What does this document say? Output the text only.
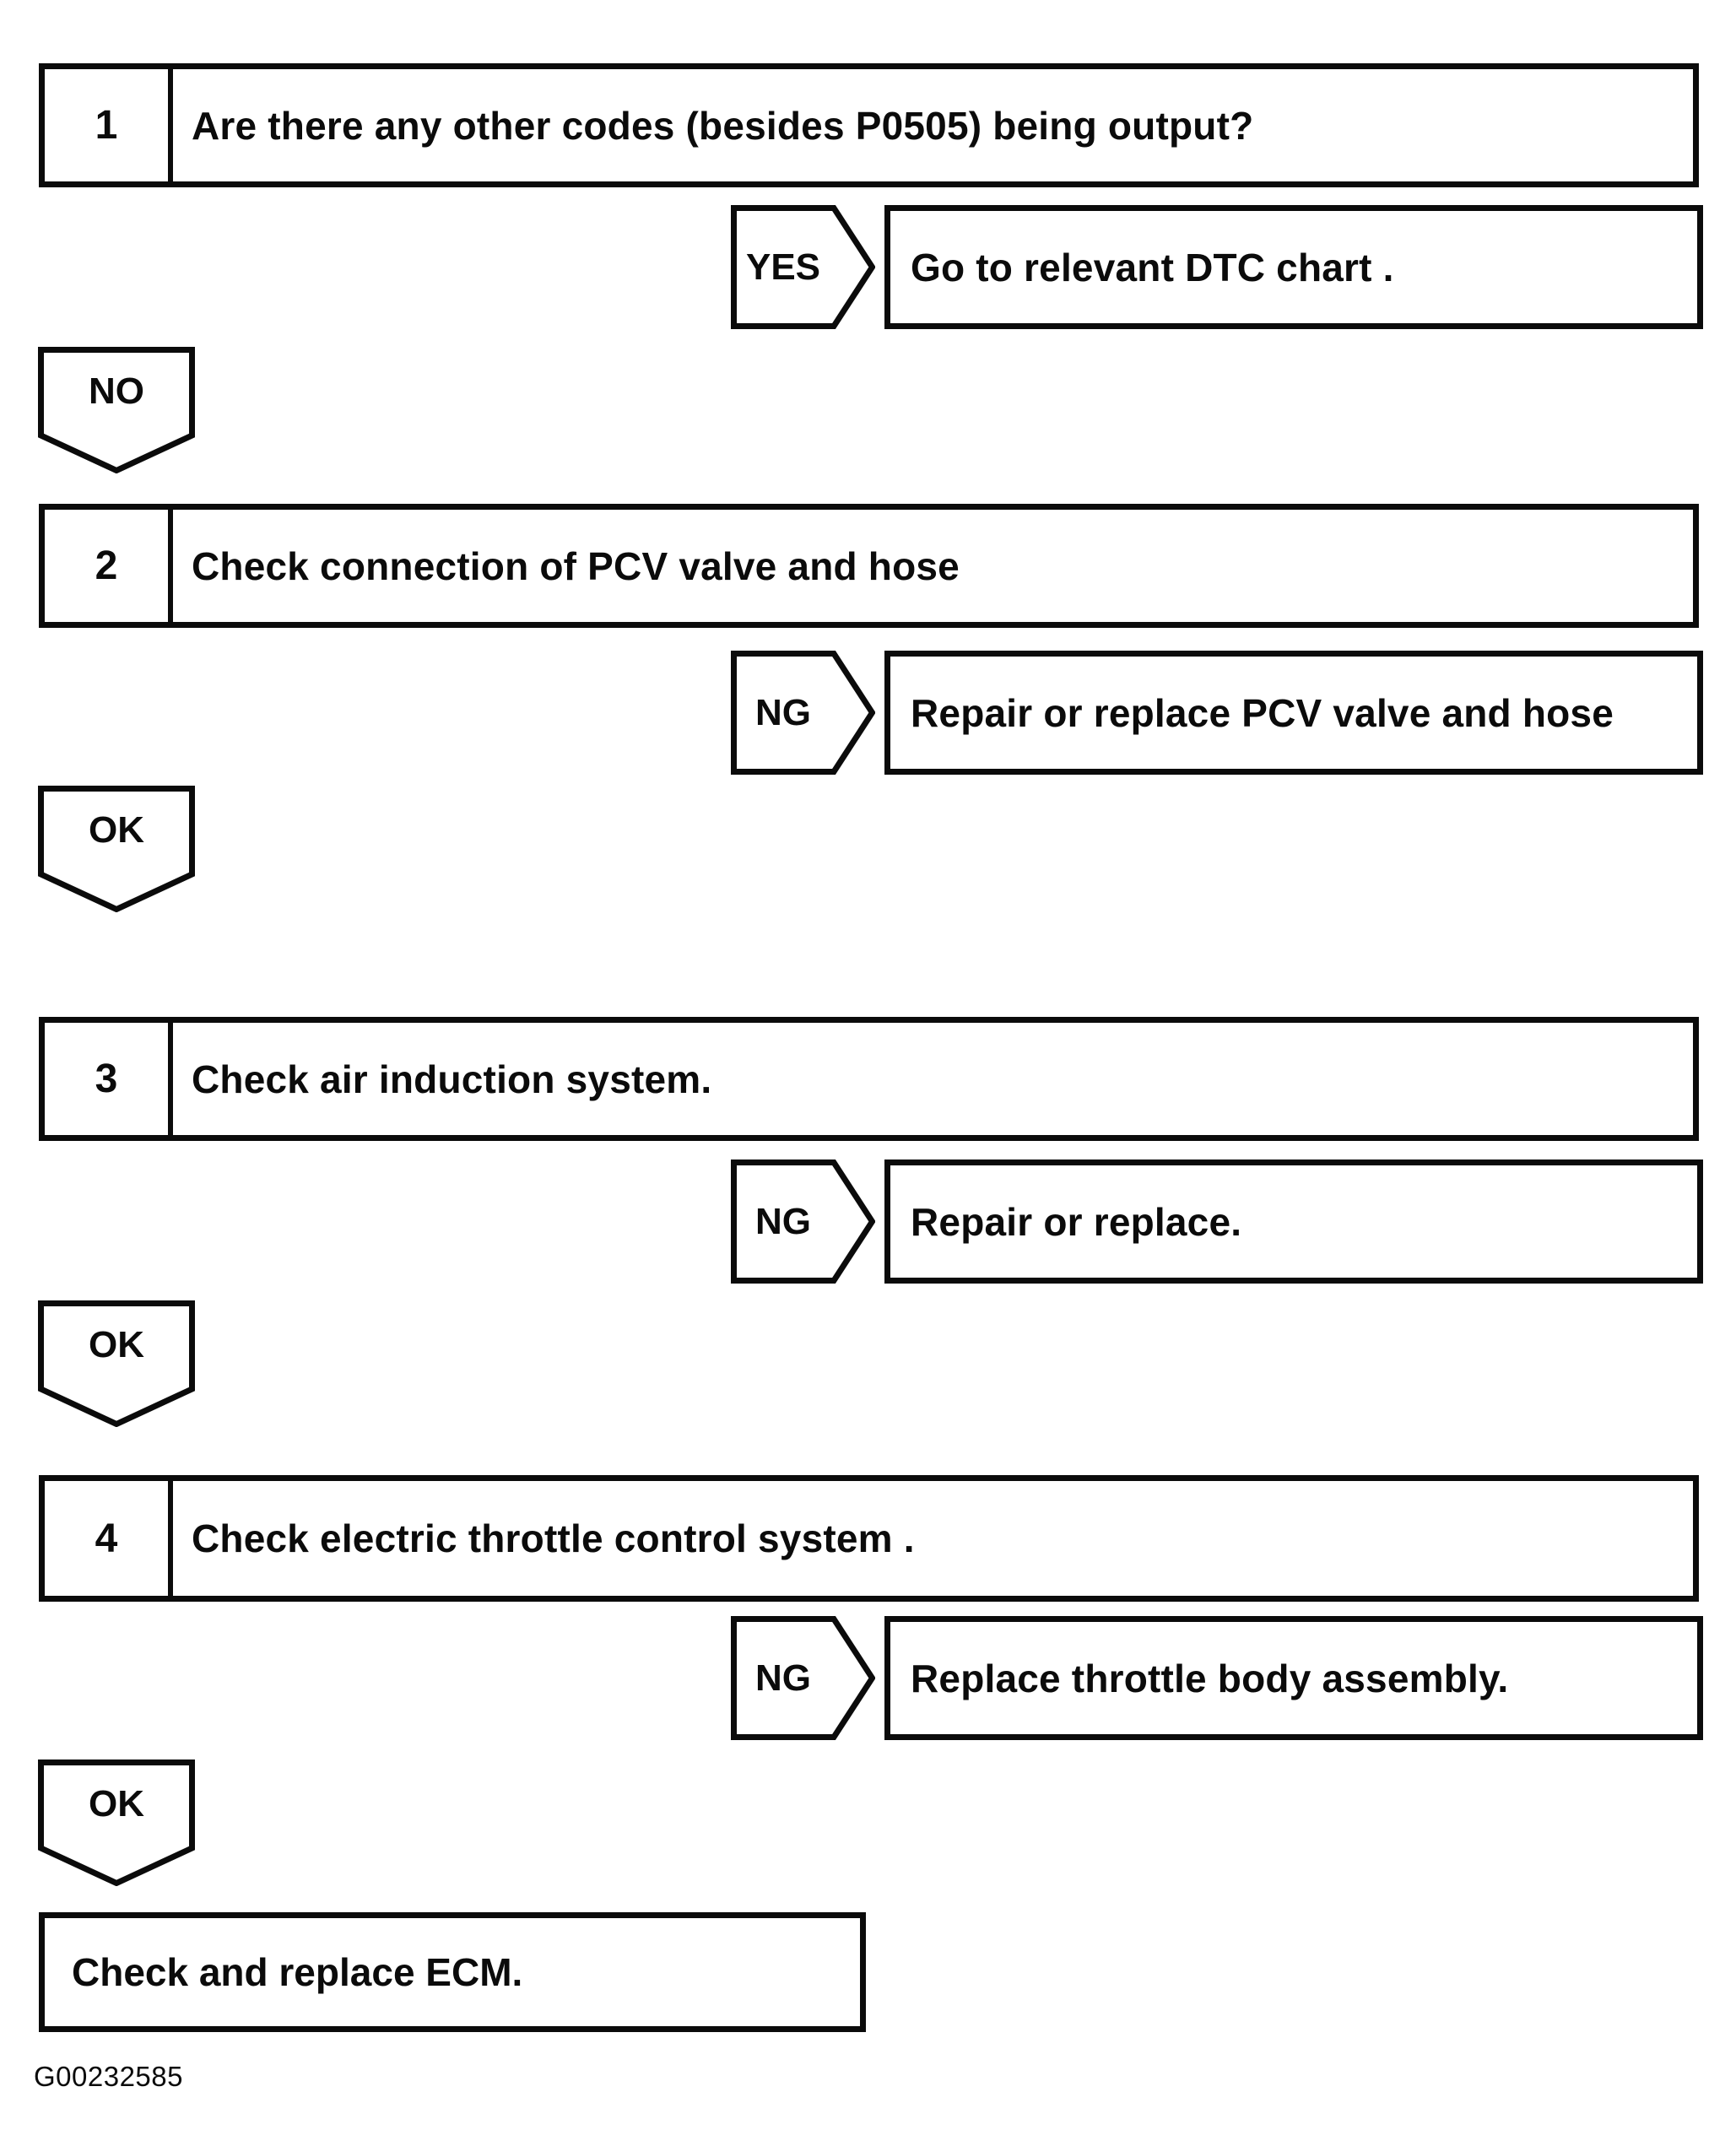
1	Are there any other codes (besides P0505) being output?
YES	Go to relevant DTC chart .
NO
2	Check connection of PCV valve and hose
NG	Repair or replace PCV valve and hose
OK
3	Check air induction system.
NG	Repair or replace.
OK
4	Check electric throttle control system .
NG	Replace throttle body assembly.
OK
Check and replace ECM.
G00232585
